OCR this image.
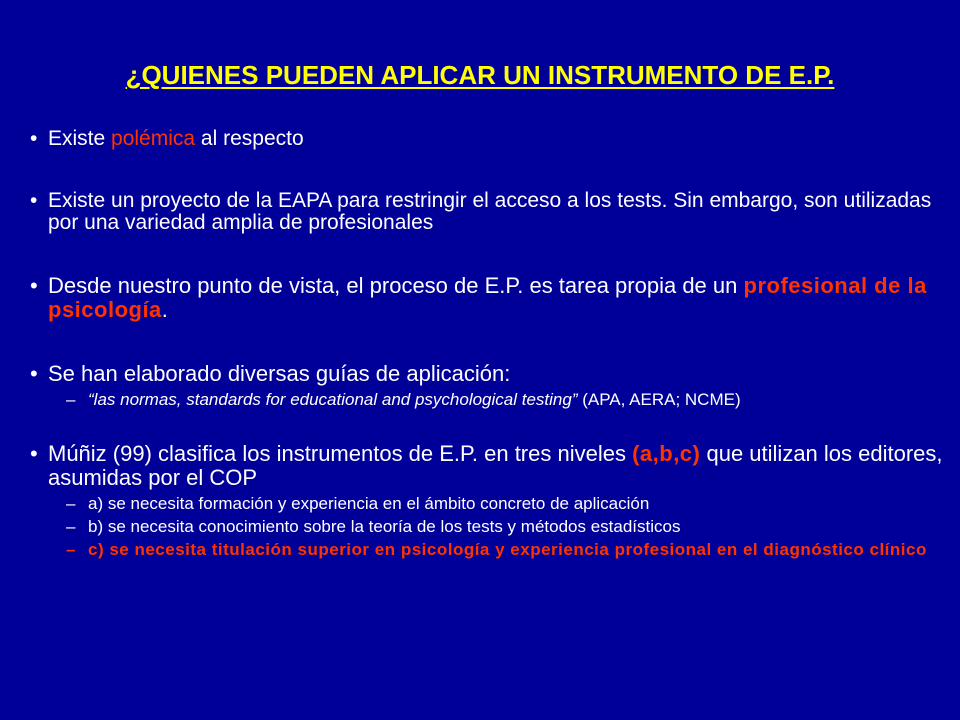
¿QUIENES PUEDEN APLICAR UN INSTRUMENTO DE E.P.
• Existe polémica al respecto
• Existe un proyecto de la EAPA para restringir el acceso a los tests. Sin embargo, son utilizadas por una variedad amplia de profesionales
• Desde nuestro punto de vista, el proceso de E.P. es tarea propia de un profesional de la psicología.
• Se han elaborado diversas guías de aplicación:
– “las normas, standards for educational and psychological testing” (APA, AERA; NCME)
• Múñiz (99) clasifica los instrumentos de E.P. en tres niveles (a,b,c) que utilizan los editores, asumidas por el COP
– a) se necesita formación y experiencia en el ámbito concreto de aplicación
– b) se necesita conocimiento sobre la teoría de los tests y métodos estadísticos
– c) se necesita titulación superior en psicología y experiencia profesional en el diagnóstico clínico
